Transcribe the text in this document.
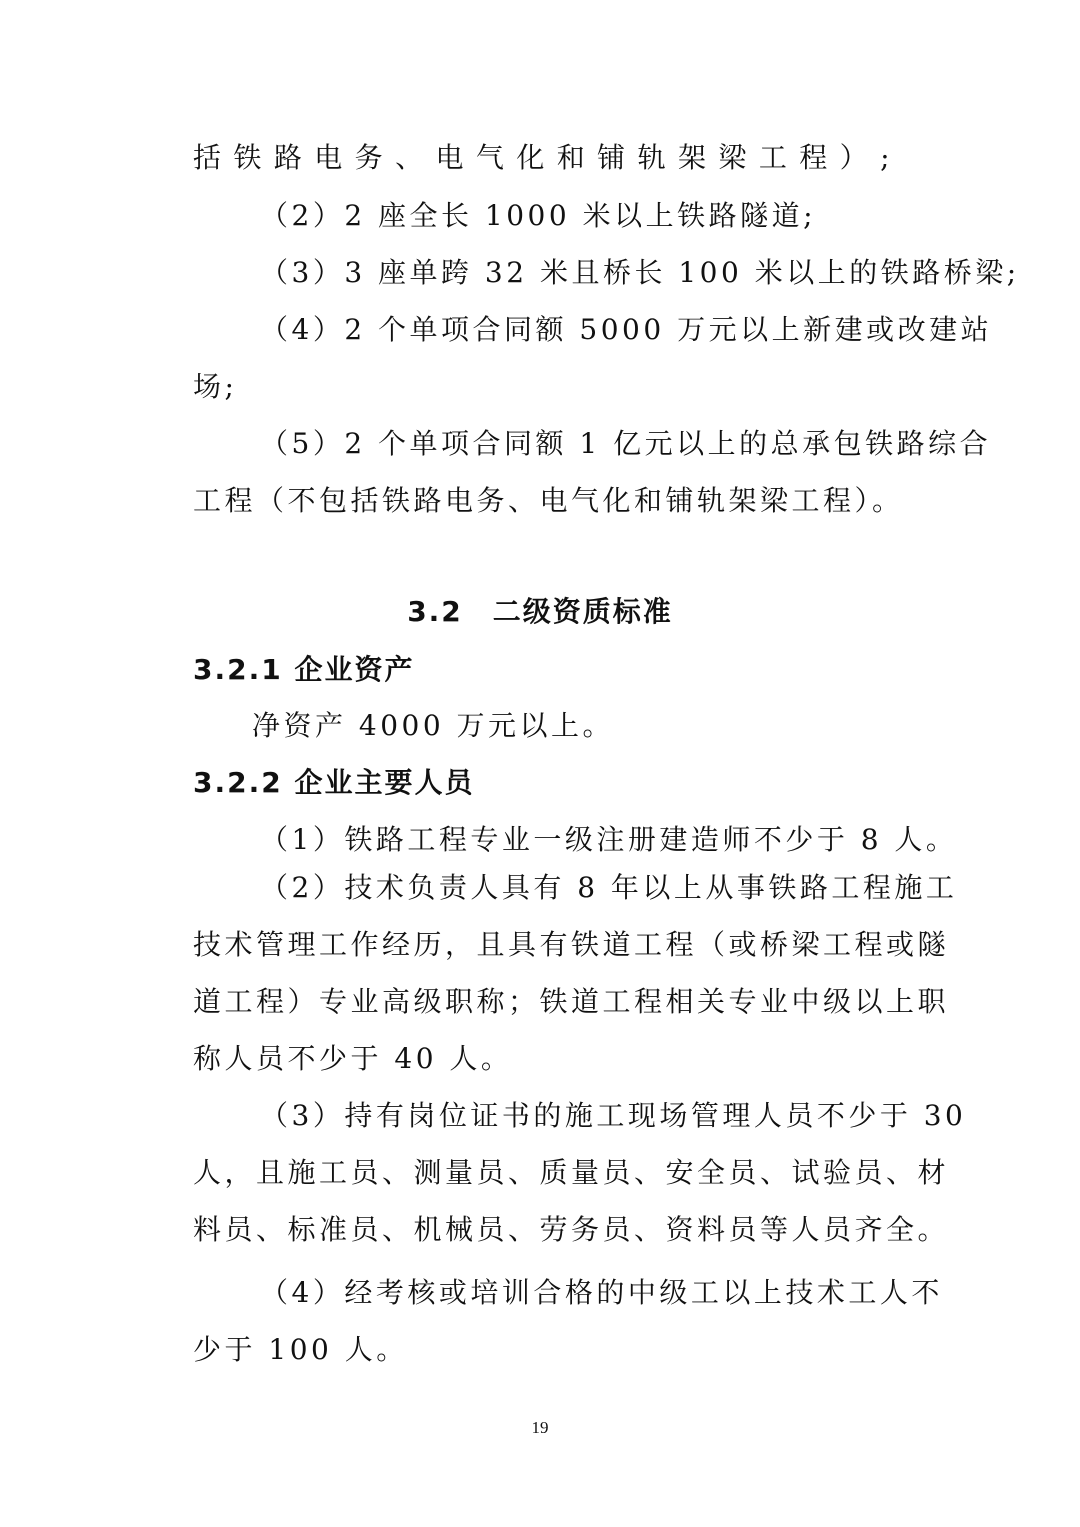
括铁路电务、电气化和铺轨架梁工程）;
（2）2 座全长 1000 米以上铁路隧道;
（3）3 座单跨 32 米且桥长 100 米以上的铁路桥梁;
（4）2 个单项合同额 5000 万元以上新建或改建站
场;
（5）2 个单项合同额 1 亿元以上的总承包铁路综合
工程（不包括铁路电务、电气化和铺轨架梁工程）。
3.2　二级资质标准
3.2.1 企业资产
净资产 4000 万元以上。
3.2.2 企业主要人员
（1）铁路工程专业一级注册建造师不少于 8 人。
（2）技术负责人具有 8 年以上从事铁路工程施工
技术管理工作经历，且具有铁道工程（或桥梁工程或隧
道工程）专业高级职称；铁道工程相关专业中级以上职
称人员不少于 40 人。
（3）持有岗位证书的施工现场管理人员不少于 30
人，且施工员、测量员、质量员、安全员、试验员、材
料员、标准员、机械员、劳务员、资料员等人员齐全。
（4）经考核或培训合格的中级工以上技术工人不
少于 100 人。
19
